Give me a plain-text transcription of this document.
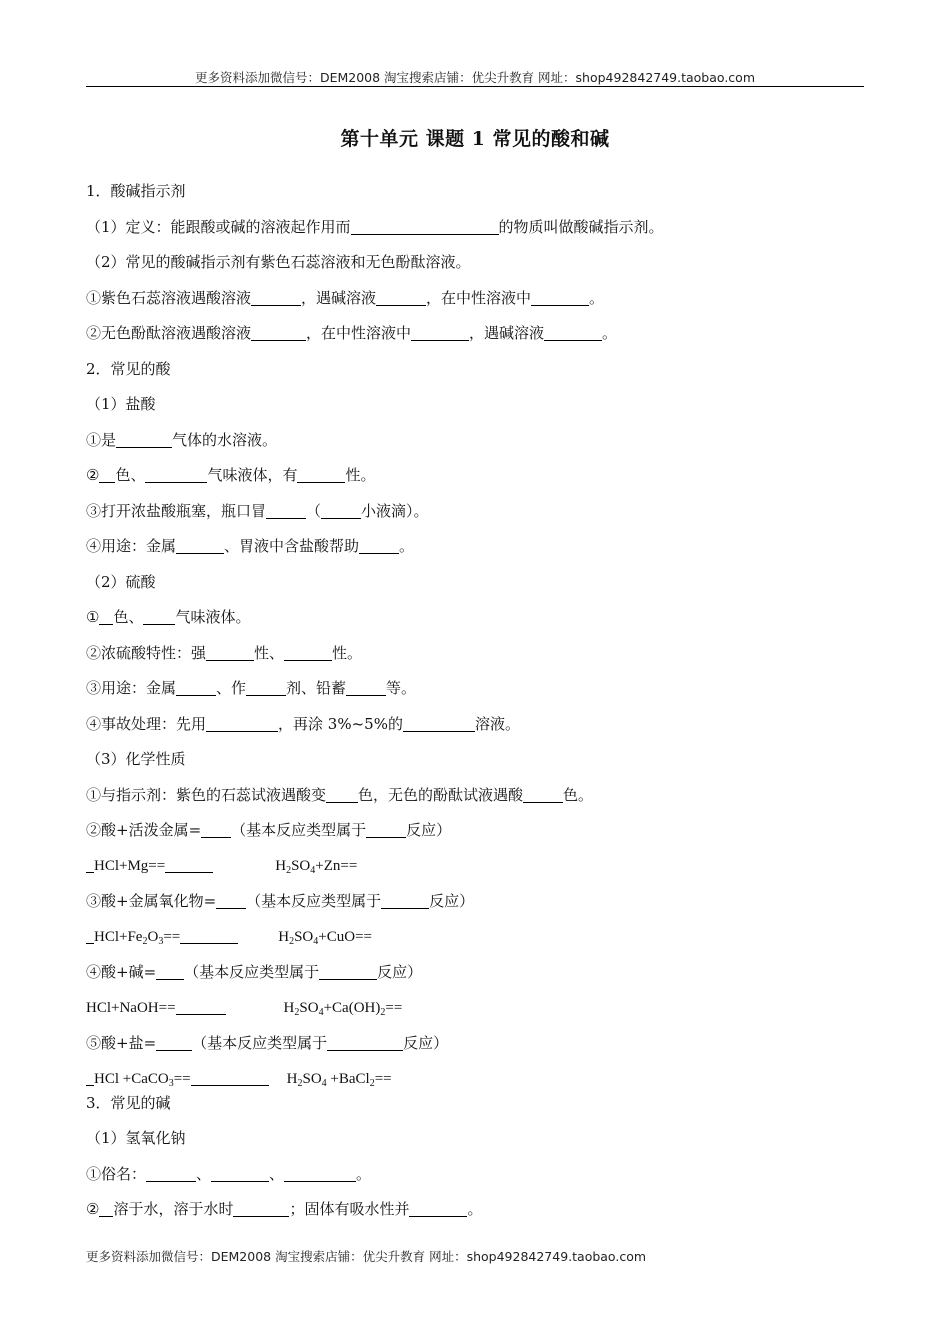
更多资料添加微信号：DEM2008 淘宝搜索店铺：优尖升教育 网址：shop492842749.taobao.com
第十单元 课题 1 常见的酸和碱
1．酸碱指示剂
（1）定义：能跟酸或碱的溶液起作用而	的物质叫做酸碱指示剂。
（2）常见的酸碱指示剂有紫色石蕊溶液和无色酚酞溶液。
①紫色石蕊溶液遇酸溶液	，遇碱溶液	，在中性溶液中	。
②无色酚酞溶液遇酸溶液	，在中性溶液中	，遇碱溶液	。
2．常见的酸
（1）盐酸
①是	气体的水溶液。
② 色、	气味液体，有	性。
③打开浓盐酸瓶塞，瓶口冒	（	小液滴）。
④用途：金属	、胃液中含盐酸帮助	。
（2）硫酸
① 色、 气味液体。
②浓硫酸特性：强	性、	性。
③用途：金属	、作	剂、铅蓄	等。
④事故处理：先用	，再涂 3%~5%的	溶液。
（3）化学性质
①与指示剂：紫色的石蕊试液遇酸变 色，无色的酚酞试液遇酸	色。
②酸+活泼金属= （基本反应类型属于	反应）
HCl+Mg==	$H_2SO_4+Zn==$
③酸+金属氧化物= （基本反应类型属于	反应）
$HCl+Fe_2O_3==$	$H_2SO_4+CuO==$
④酸+碱= （基本反应类型属于	反应）
HCl+NaOH==	$H_2SO_4+Ca(OH)_2==$
⑤酸+盐= （基本反应类型属于	反应）
HCl +CaCO$_3$==	$H_2SO_4$ +BaCl$_2$==
3．常见的碱
（1）氢氧化钠
①俗名：	、	、	。
② 溶于水，溶于水时	；固体有吸水性并	。
更多资料添加微信号：DEM2008 淘宝搜索店铺：优尖升教育 网址：shop492842749.taobao.com
